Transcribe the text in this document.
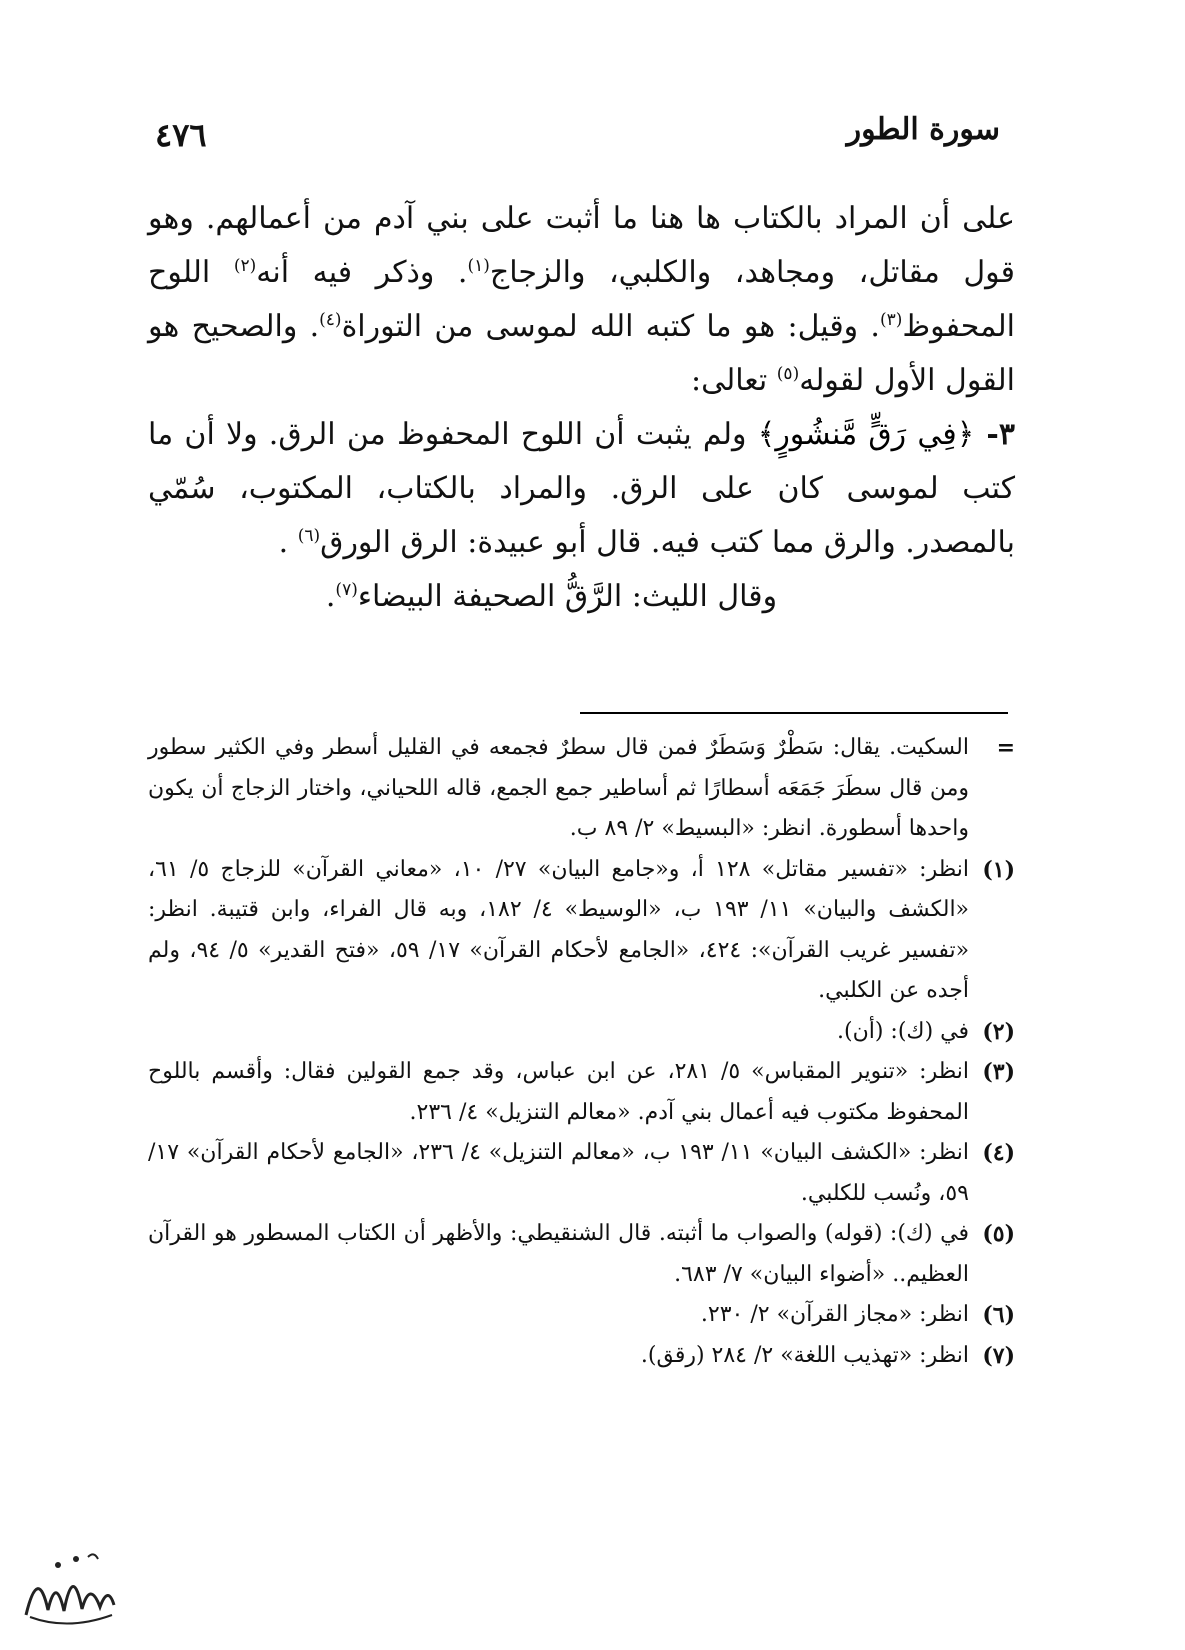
سورة الطور
٤٧٦

على أن المراد بالكتاب ها هنا ما أثبت على بني آدم من أعمالهم. وهو قول مقاتل، ومجاهد، والكلبي، والزجاج$^{(١)}$. وذكر فيه أنه$^{(٢)}$ اللوح المحفوظ$^{(٣)}$. وقيل: هو ما كتبه الله لموسى من التوراة$^{(٤)}$. والصحيح هو القول الأول لقوله$^{(٥)}$ تعالى:

٣- ﴿فِي رَقٍّ مَّنشُورٍ﴾ ولم يثبت أن اللوح المحفوظ من الرق. ولا أن ما كتب لموسى كان على الرق. والمراد بالكتاب، المكتوب، سُمّي بالمصدر. والرق مما كتب فيه. قال أبو عبيدة: الرق الورق$^{(٦)}$ .

وقال الليث: الرَّقُّ الصحيفة البيضاء$^{(٧)}$.

=
السكيت. يقال: سَطْرٌ وَسَطَرٌ فمن قال سطرٌ فجمعه في القليل أسطر وفي الكثير سطور ومن قال سطَرَ جَمَعَه أسطارًا ثم أساطير جمع الجمع، قاله اللحياني، واختار الزجاج أن يكون واحدها أسطورة. انظر: «البسيط» ٢/ ٨٩ ب.
(١)
انظر: «تفسير مقاتل» ١٢٨ أ، و«جامع البيان» ٢٧/ ١٠، «معاني القرآن» للزجاج ٥/ ٦١، «الكشف والبيان» ١١/ ١٩٣ ب، «الوسيط» ٤/ ١٨٢، وبه قال الفراء، وابن قتيبة. انظر: «تفسير غريب القرآن»: ٤٢٤، «الجامع لأحكام القرآن» ١٧/ ٥٩، «فتح القدير» ٥/ ٩٤، ولم أجده عن الكلبي.
(٢)
في (ك): (أن).
(٣)
انظر: «تنوير المقباس» ٥/ ٢٨١، عن ابن عباس، وقد جمع القولين فقال: وأقسم باللوح المحفوظ مكتوب فيه أعمال بني آدم. «معالم التنزيل» ٤/ ٢٣٦.
(٤)
انظر: «الكشف البيان» ١١/ ١٩٣ ب، «معالم التنزيل» ٤/ ٢٣٦، «الجامع لأحكام القرآن» ١٧/ ٥٩، ونُسب للكلبي.
(٥)
في (ك): (قوله) والصواب ما أثبته. قال الشنقيطي: والأظهر أن الكتاب المسطور هو القرآن العظيم.. «أضواء البيان» ٧/ ٦٨٣.
(٦)
انظر: «مجاز القرآن» ٢/ ٢٣٠.
(٧)
انظر: «تهذيب اللغة» ٢/ ٢٨٤ (رقق).
